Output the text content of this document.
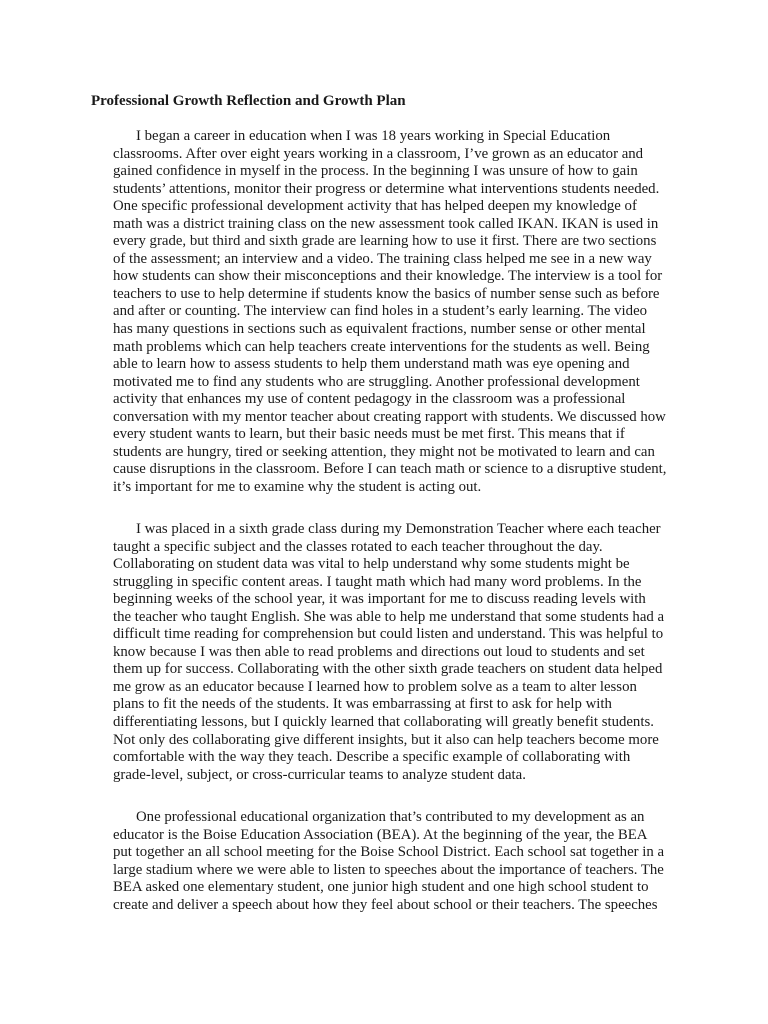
Professional Growth Reflection and Growth Plan
I began a career in education when I was 18 years working in Special Education
classrooms. After over eight years working in a classroom, I’ve grown as an educator and
gained confidence in myself in the process. In the beginning I was unsure of how to gain
students’ attentions, monitor their progress or determine what interventions students needed.
One specific professional development activity that has helped deepen my knowledge of
math was a district training class on the new assessment took called IKAN. IKAN is used in
every grade, but third and sixth grade are learning how to use it first. There are two sections
of the assessment; an interview and a video. The training class helped me see in a new way
how students can show their misconceptions and their knowledge. The interview is a tool for
teachers to use to help determine if students know the basics of number sense such as before
and after or counting. The interview can find holes in a student’s early learning. The video
has many questions in sections such as equivalent fractions, number sense or other mental
math problems which can help teachers create interventions for the students as well. Being
able to learn how to assess students to help them understand math was eye opening and
motivated me to find any students who are struggling. Another professional development
activity that enhances my use of content pedagogy in the classroom was a professional
conversation with my mentor teacher about creating rapport with students. We discussed how
every student wants to learn, but their basic needs must be met first. This means that if
students are hungry, tired or seeking attention, they might not be motivated to learn and can
cause disruptions in the classroom. Before I can teach math or science to a disruptive student,
it’s important for me to examine why the student is acting out.
I was placed in a sixth grade class during my Demonstration Teacher where each teacher
taught a specific subject and the classes rotated to each teacher throughout the day.
Collaborating on student data was vital to help understand why some students might be
struggling in specific content areas. I taught math which had many word problems. In the
beginning weeks of the school year, it was important for me to discuss reading levels with
the teacher who taught English. She was able to help me understand that some students had a
difficult time reading for comprehension but could listen and understand. This was helpful to
know because I was then able to read problems and directions out loud to students and set
them up for success. Collaborating with the other sixth grade teachers on student data helped
me grow as an educator because I learned how to problem solve as a team to alter lesson
plans to fit the needs of the students. It was embarrassing at first to ask for help with
differentiating lessons, but I quickly learned that collaborating will greatly benefit students.
Not only des collaborating give different insights, but it also can help teachers become more
comfortable with the way they teach. Describe a specific example of collaborating with
grade-level, subject, or cross-curricular teams to analyze student data.
One professional educational organization that’s contributed to my development as an
educator is the Boise Education Association (BEA). At the beginning of the year, the BEA
put together an all school meeting for the Boise School District. Each school sat together in a
large stadium where we were able to listen to speeches about the importance of teachers. The
BEA asked one elementary student, one junior high student and one high school student to
create and deliver a speech about how they feel about school or their teachers. The speeches
